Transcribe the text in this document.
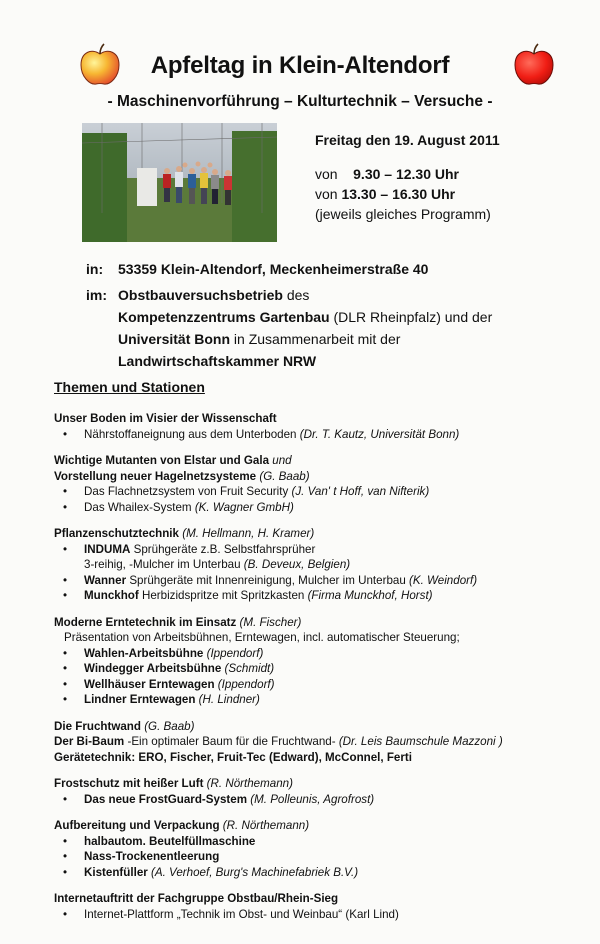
Apfeltag in Klein-Altendorf

- Maschinenvorführung – Kulturtechnik – Versuche -

Freitag den 19. August 2011
von 9.30 – 12.30 Uhr
von 13.30 – 16.30 Uhr
(jeweils gleiches Programm)
in:	53359 Klein-Altendorf, Meckenheimerstraße 40
im: Obstbauversuchsbetrieb des
Kompetenzzentrums Gartenbau (DLR Rheinpfalz) und der
Universität Bonn in Zusammenarbeit mit der
Landwirtschaftskammer NRW
Themen und Stationen
Unser Boden im Visier der Wissenschaft
• Nährstoffaneignung aus dem Unterboden (Dr. T. Kautz, Universität Bonn)
Wichtige Mutanten von Elstar und Gala und
Vorstellung neuer Hagelnetzsysteme (G. Baab)
• Das Flachnetzsystem von Fruit Security (J. Van' t Hoff, van Nifterik)
• Das Whailex-System (K. Wagner GmbH)
Pflanzenschutztechnik (M. Hellmann, H. Kramer)
• INDUMA Sprühgeräte z.B. Selbstfahrsprüher
3-reihig, -Mulcher im Unterbau (B. Deveux, Belgien)
• Wanner Sprühgeräte mit Innenreinigung, Mulcher im Unterbau (K. Weindorf)
• Munckhof Herbizidspritze mit Spritzkasten (Firma Munckhof, Horst)
Moderne Erntetechnik im Einsatz (M. Fischer)
Präsentation von Arbeitsbühnen, Erntewagen, incl. automatischer Steuerung;
• Wahlen-Arbeitsbühne (Ippendorf)
• Windegger Arbeitsbühne (Schmidt)
• Wellhäuser Erntewagen (Ippendorf)
• Lindner Erntewagen (H. Lindner)
Die Fruchtwand (G. Baab)
Der Bi-Baum -Ein optimaler Baum für die Fruchtwand- (Dr. Leis Baumschule Mazzoni )
Gerätetechnik: ERO, Fischer, Fruit-Tec (Edward), McConnel, Ferti
Frostschutz mit heißer Luft (R. Nörthemann)
• Das neue FrostGuard-System (M. Polleunis, Agrofrost)
Aufbereitung und Verpackung (R. Nörthemann)
• halbautom. Beutelfüllmaschine
• Nass-Trockenentleerung
• Kistenfüller (A. Verhoef, Burg's Machinefabriek B.V.)
Internetauftritt der Fachgruppe Obstbau/Rhein-Sieg
• Internet-Plattform „Technik im Obst- und Weinbau“ (Karl Lind)
